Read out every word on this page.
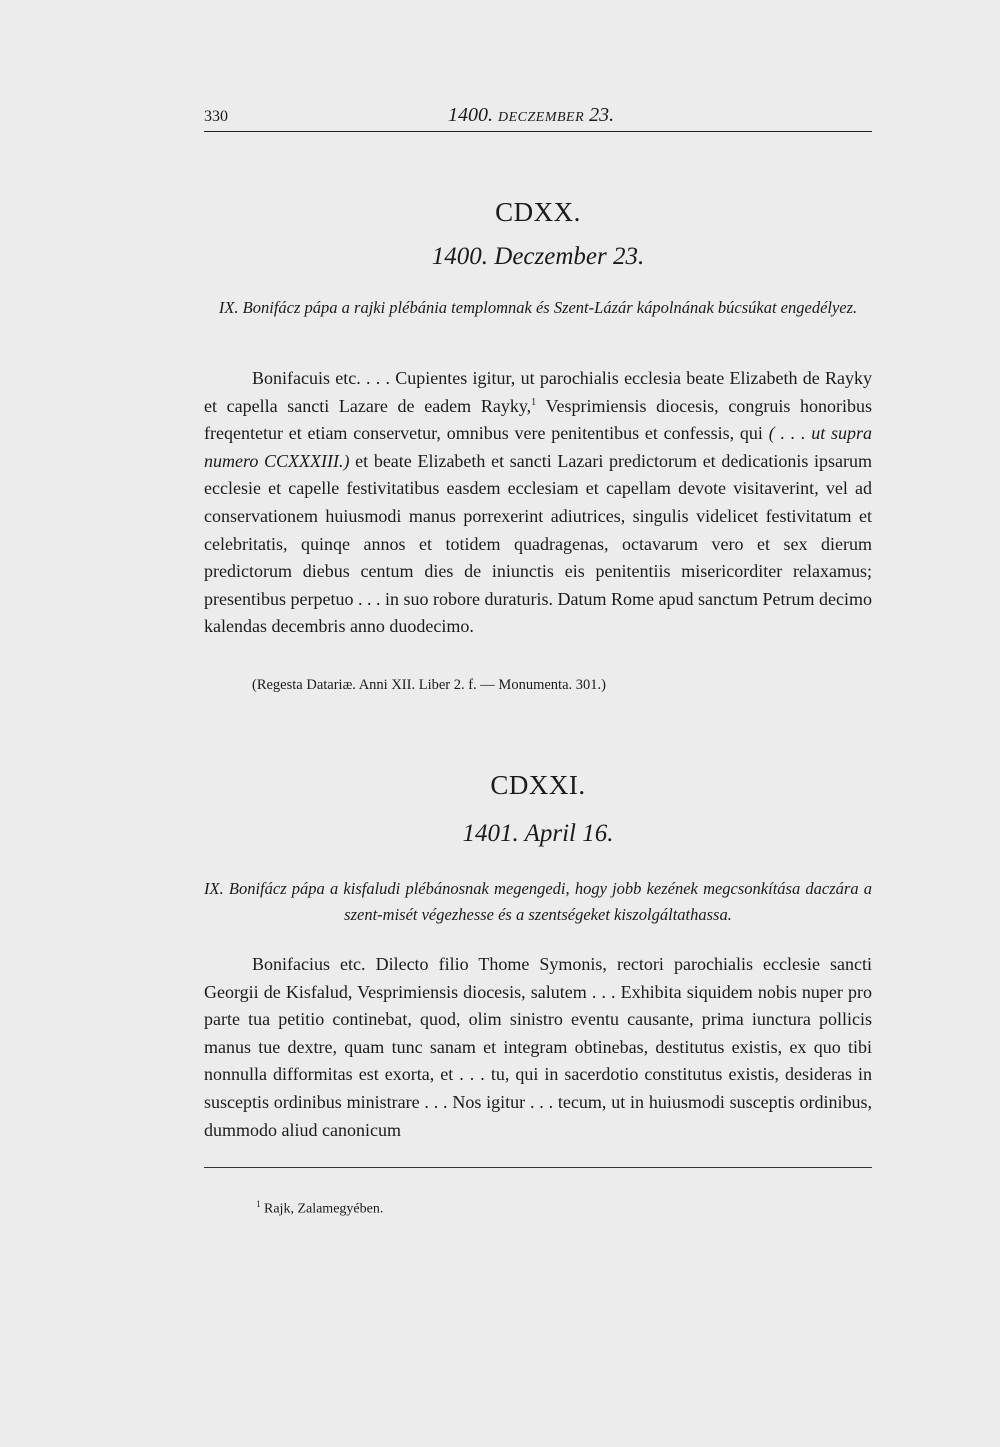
330	1400. DECZEMBER 23.
CDXX.
1400. Deczember 23.
IX. Bonifácz pápa a rajki plébánia templomnak és Szent-Lázár kápolnának búcsúkat engedélyez.
Bonifacuis etc. . . . Cupientes igitur, ut parochialis ecclesia beate Elizabeth de Rayky et capella sancti Lazare de eadem Rayky,$^1$ Vesprimiensis diocesis, congruis honoribus freqentetur et etiam conservetur, omnibus vere penitentibus et confessis, qui ( . . . ut supra numero CCXXXIII.) et beate Elizabeth et sancti Lazari predictorum et dedicationis ipsarum ecclesie et capelle festivitatibus easdem ecclesiam et capellam devote visitaverint, vel ad conservationem huiusmodi manus porrexerint adiutrices, singulis videlicet festivitatum et celebritatis, quinqe annos et totidem quadragenas, octavarum vero et sex dierum predictorum diebus centum dies de iniunctis eis penitentiis misericorditer relaxamus; presentibus perpetuo . . . in suo robore duraturis. Datum Rome apud sanctum Petrum decimo kalendas decembris anno duodecimo.
(Regesta Datariæ. Anni XII. Liber 2. f. — Monumenta. 301.)
CDXXI.
1401. April 16.
IX. Bonifácz pápa a kisfaludi plébánosnak megengedi, hogy jobb kezének megcsonkítása daczára a szent-misét végezhesse és a szentségeket kiszolgáltathassa.
Bonifacius etc. Dilecto filio Thome Symonis, rectori parochialis ecclesie sancti Georgii de Kisfalud, Vesprimiensis diocesis, salutem . . . Exhibita siquidem nobis nuper pro parte tua petitio continebat, quod, olim sinistro eventu causante, prima iunctura pollicis manus tue dextre, quam tunc sanam et integram obtinebas, destitutus existis, ex quo tibi nonnulla difformitas est exorta, et . . . tu, qui in sacerdotio constitutus existis, desideras in susceptis ordinibus ministrare . . . Nos igitur . . . tecum, ut in huiusmodi susceptis ordinibus, dummodo aliud canonicum
$^1$ Rajk, Zalamegyében.
